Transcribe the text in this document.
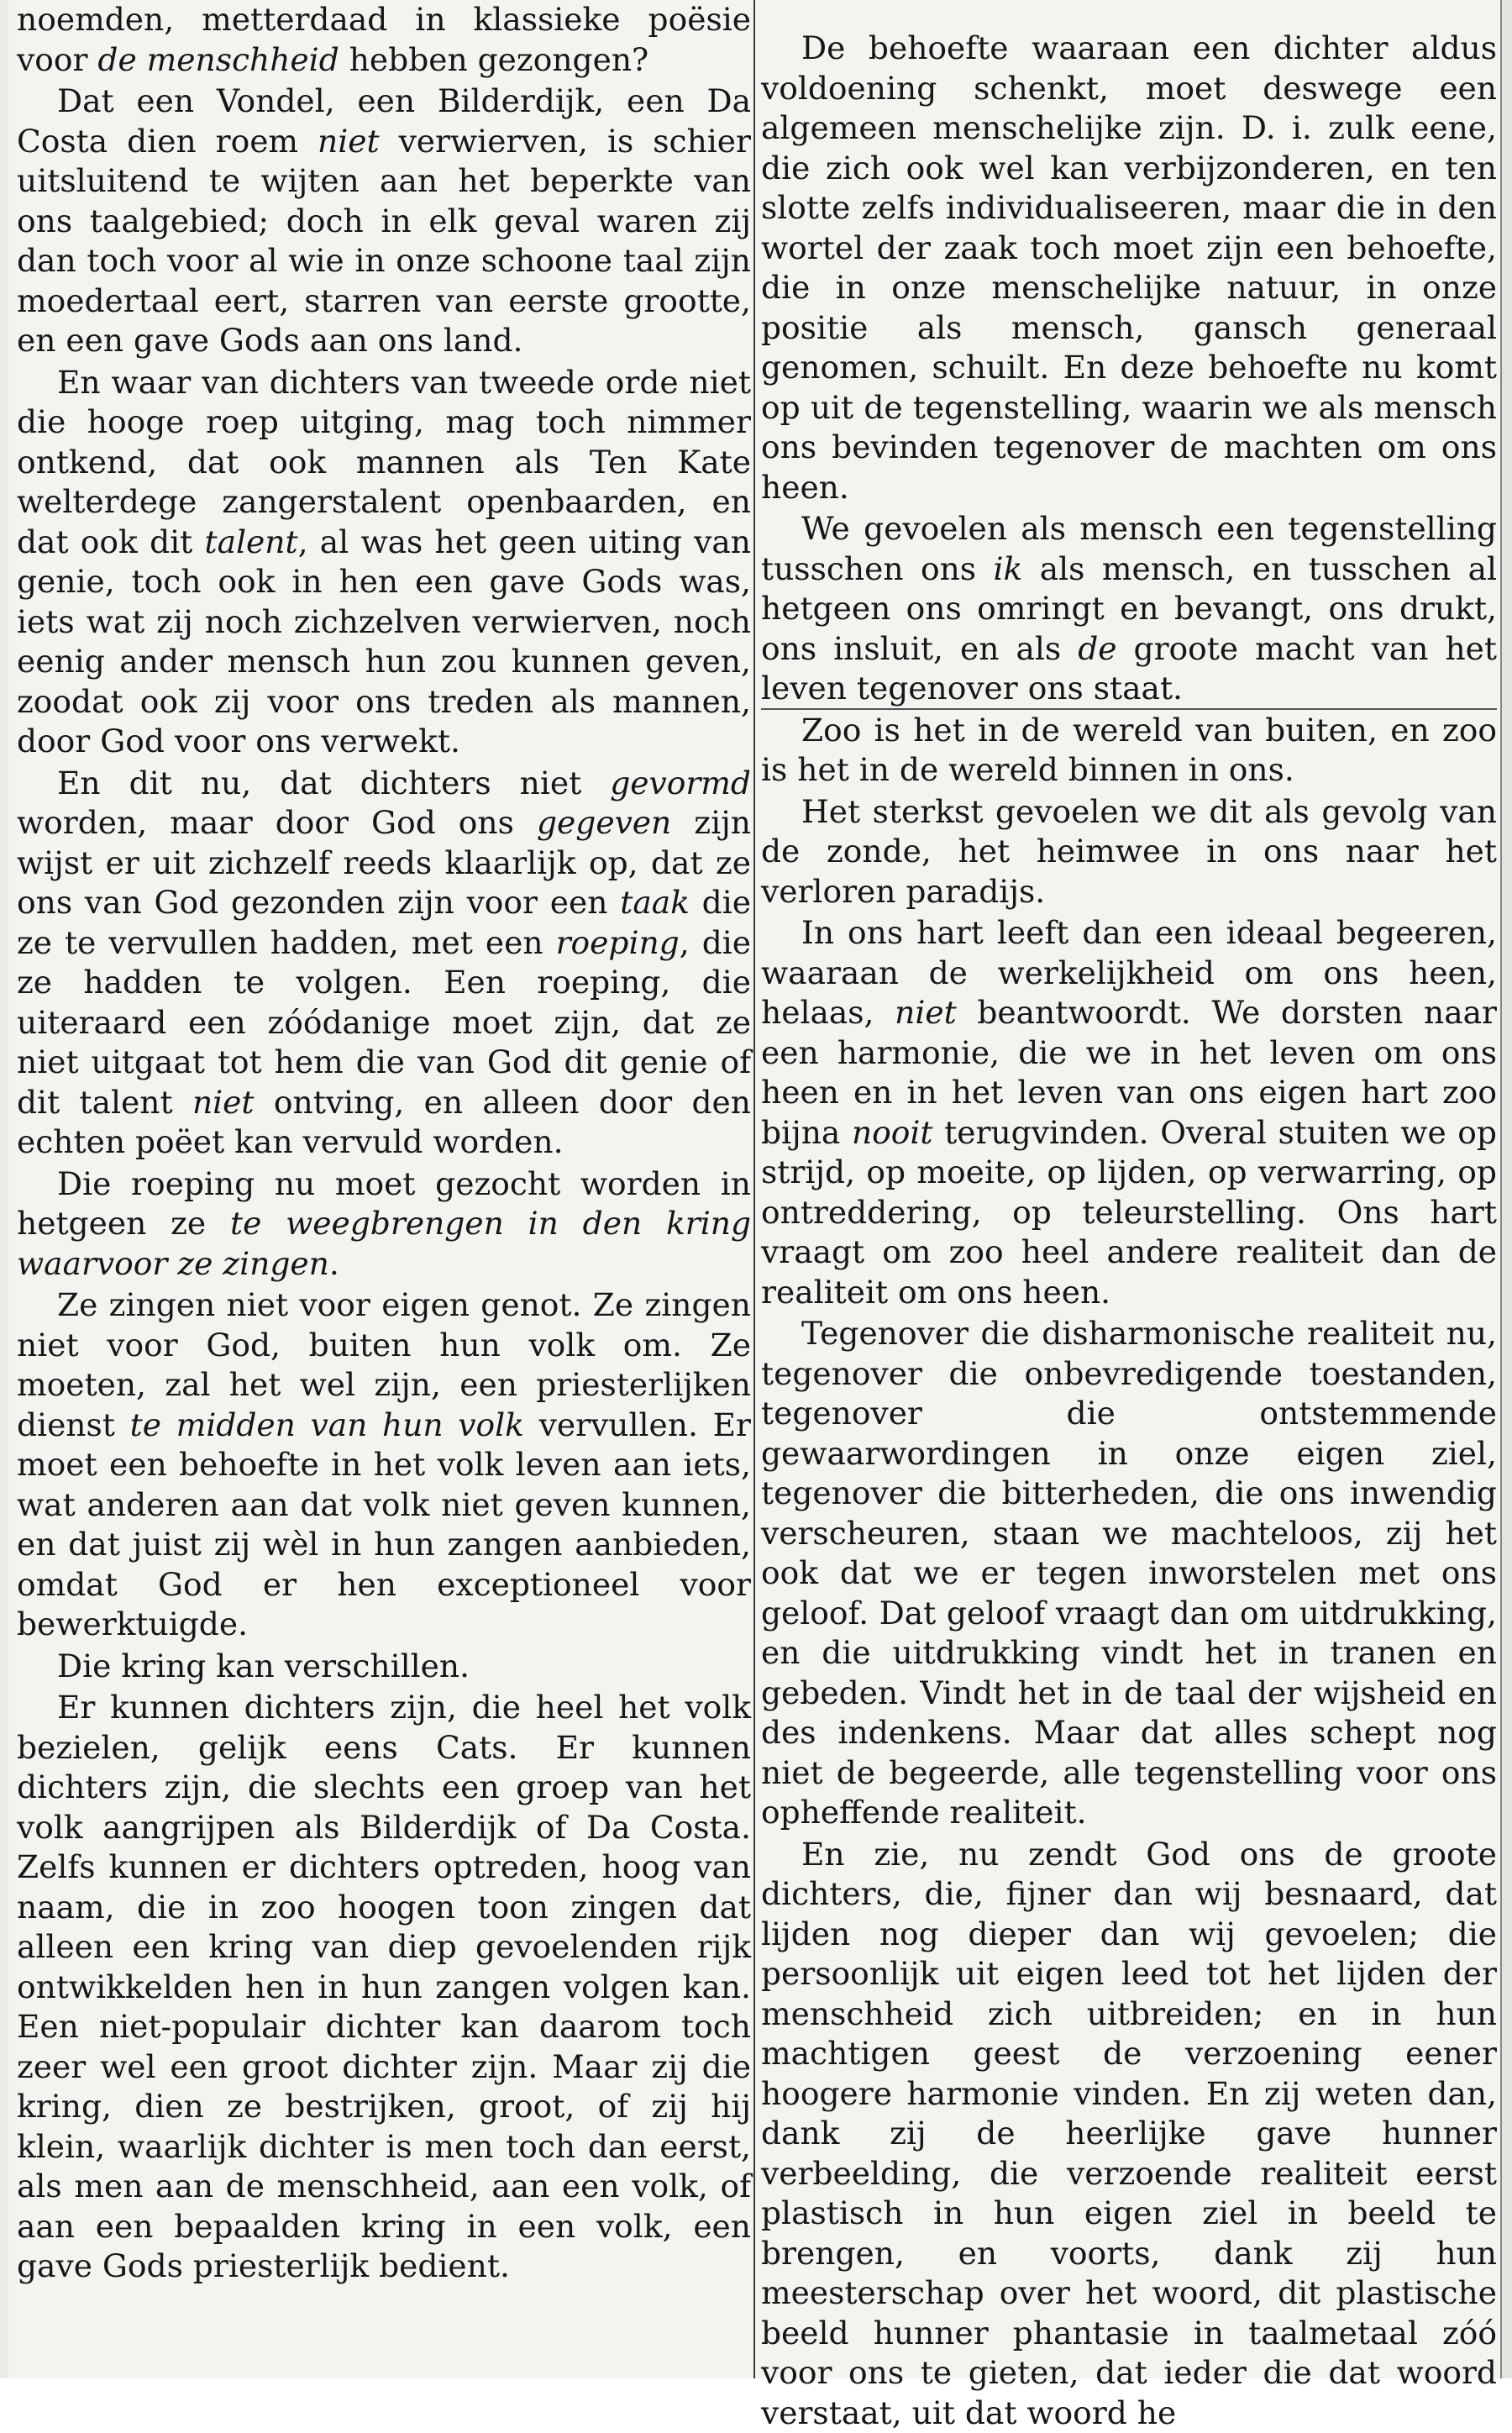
noemden, metterdaad in klassieke poësie voor de menschheid hebben gezongen?

Dat een Vondel, een Bilderdijk, een Da Costa dien roem niet verwierven, is schier uitsluitend te wijten aan het beperkte van ons taalgebied; doch in elk geval waren zij dan toch voor al wie in onze schoone taal zijn moedertaal eert, starren van eerste grootte, en een gave Gods aan ons land.

En waar van dichters van tweede orde niet die hooge roep uitging, mag toch nimmer ontkend, dat ook mannen als Ten Kate welterdege zangerstalent openbaarden, en dat ook dit talent, al was het geen uiting van genie, toch ook in hen een gave Gods was, iets wat zij noch zichzelven verwierven, noch eenig ander mensch hun zou kunnen geven, zoodat ook zij voor ons treden als mannen, door God voor ons verwekt.

En dit nu, dat dichters niet gevormd worden, maar door God ons gegeven zijn wijst er uit zichzelf reeds klaarlijk op, dat ze ons van God gezonden zijn voor een taak die ze te vervullen hadden, met een roeping, die ze hadden te volgen. Een roeping, die uiteraard een zóódanige moet zijn, dat ze niet uitgaat tot hem die van God dit genie of dit talent niet ontving, en alleen door den echten poëet kan vervuld worden.

Die roeping nu moet gezocht worden in hetgeen ze te weegbrengen in den kring waarvoor ze zingen.

Ze zingen niet voor eigen genot. Ze zingen niet voor God, buiten hun volk om. Ze moeten, zal het wel zijn, een priesterlijken dienst te midden van hun volk vervullen. Er moet een behoefte in het volk leven aan iets, wat anderen aan dat volk niet geven kunnen, en dat juist zij wèl in hun zangen aanbieden, omdat God er hen exceptioneel voor bewerktuigde.

Die kring kan verschillen.

Er kunnen dichters zijn, die heel het volk bezielen, gelijk eens Cats. Er kunnen dichters zijn, die slechts een groep van het volk aangrijpen als Bilderdijk of Da Costa. Zelfs kunnen er dichters optreden, hoog van naam, die in zoo hoogen toon zingen dat alleen een kring van diep gevoelenden rijk ontwikkelden hen in hun zangen volgen kan. Een niet-populair dichter kan daarom toch zeer wel een groot dichter zijn. Maar zij die kring, dien ze bestrijken, groot, of zij hij klein, waarlijk dichter is men toch dan eerst, als men aan de menschheid, aan een volk, of aan een bepaalden kring in een volk, een gave Gods priesterlijk bedient.

De behoefte waaraan een dichter aldus voldoening schenkt, moet deswege een algemeen menschelijke zijn. D. i. zulk eene, die zich ook wel kan verbijzonderen, en ten slotte zelfs individualiseeren, maar die in den wortel der zaak toch moet zijn een behoefte, die in onze menschelijke natuur, in onze positie als mensch, gansch generaal genomen, schuilt. En deze behoefte nu komt op uit de tegenstelling, waarin we als mensch ons bevinden tegenover de machten om ons heen.

We gevoelen als mensch een tegenstelling tusschen ons ik als mensch, en tusschen al hetgeen ons omringt en bevangt, ons drukt, ons insluit, en als de groote macht van het leven tegenover ons staat.

Zoo is het in de wereld van buiten, en zoo is het in de wereld binnen in ons.

Het sterkst gevoelen we dit als gevolg van de zonde, het heimwee in ons naar het verloren paradijs.

In ons hart leeft dan een ideaal begeeren, waaraan de werkelijkheid om ons heen, helaas, niet beantwoordt. We dorsten naar een harmonie, die we in het leven om ons heen en in het leven van ons eigen hart zoo bijna nooit terugvinden. Overal stuiten we op strijd, op moeite, op lijden, op verwarring, op ontreddering, op teleurstelling. Ons hart vraagt om zoo heel andere realiteit dan de realiteit om ons heen.

Tegenover die disharmonische realiteit nu, tegenover die onbevredigende toestanden, tegenover die ontstemmende gewaarwordingen in onze eigen ziel, tegenover die bitterheden, die ons inwendig verscheuren, staan we machteloos, zij het ook dat we er tegen inworstelen met ons geloof. Dat geloof vraagt dan om uitdrukking, en die uitdrukking vindt het in tranen en gebeden. Vindt het in de taal der wijsheid en des indenkens. Maar dat alles schept nog niet de begeerde, alle tegenstelling voor ons opheffende realiteit.

En zie, nu zendt God ons de groote dichters, die, fijner dan wij besnaard, dat lijden nog dieper dan wij gevoelen; die persoonlijk uit eigen leed tot het lijden der menschheid zich uitbreiden; en in hun machtigen geest de verzoening eener hoogere harmonie vinden. En zij weten dan, dank zij de heerlijke gave hunner verbeelding, die verzoende realiteit eerst plastisch in hun eigen ziel in beeld te brengen, en voorts, dank zij hun meesterschap over het woord, dit plastische beeld hunner phantasie in taalmetaal zóó voor ons te gieten, dat ieder die dat woord verstaat, uit dat woord he
